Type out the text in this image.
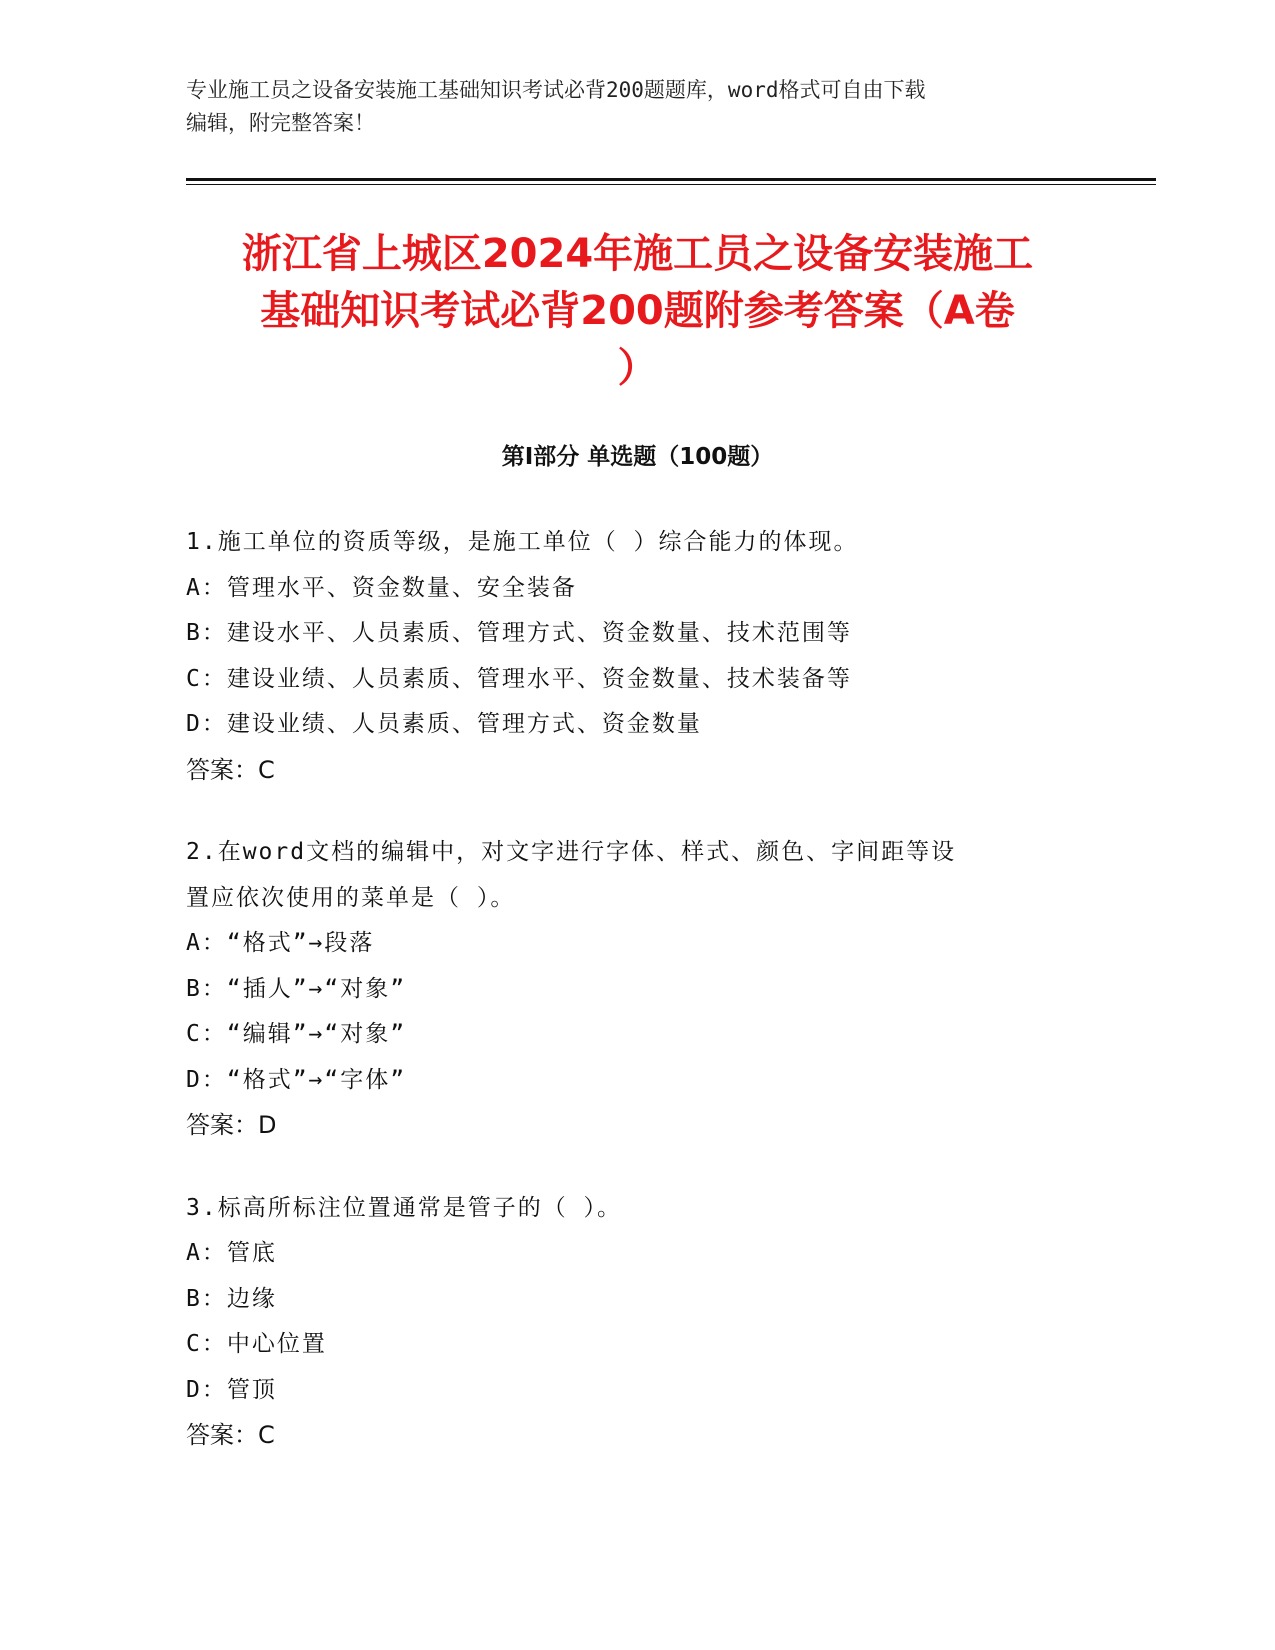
专业施工员之设备安装施工基础知识考试必背200题题库，word格式可自由下载
编辑，附完整答案！
浙江省上城区2024年施工员之设备安装施工
基础知识考试必背200题附参考答案（A卷
）
第Ⅰ部分 单选题（100题）
1.施工单位的资质等级，是施工单位（ ）综合能力的体现。
A：管理水平、资金数量、安全装备
B：建设水平、人员素质、管理方式、资金数量、技术范围等
C：建设业绩、人员素质、管理水平、资金数量、技术装备等
D：建设业绩、人员素质、管理方式、资金数量
答案：C
2.在word文档的编辑中，对文字进行字体、样式、颜色、字间距等设
置应依次使用的菜单是（ ）。
A：“格式”→段落
B：“插人”→“对象”
C：“编辑”→“对象”
D：“格式”→“字体”
答案：D
3.标高所标注位置通常是管子的（ ）。
A：管底
B：边缘
C：中心位置
D：管顶
答案：C
